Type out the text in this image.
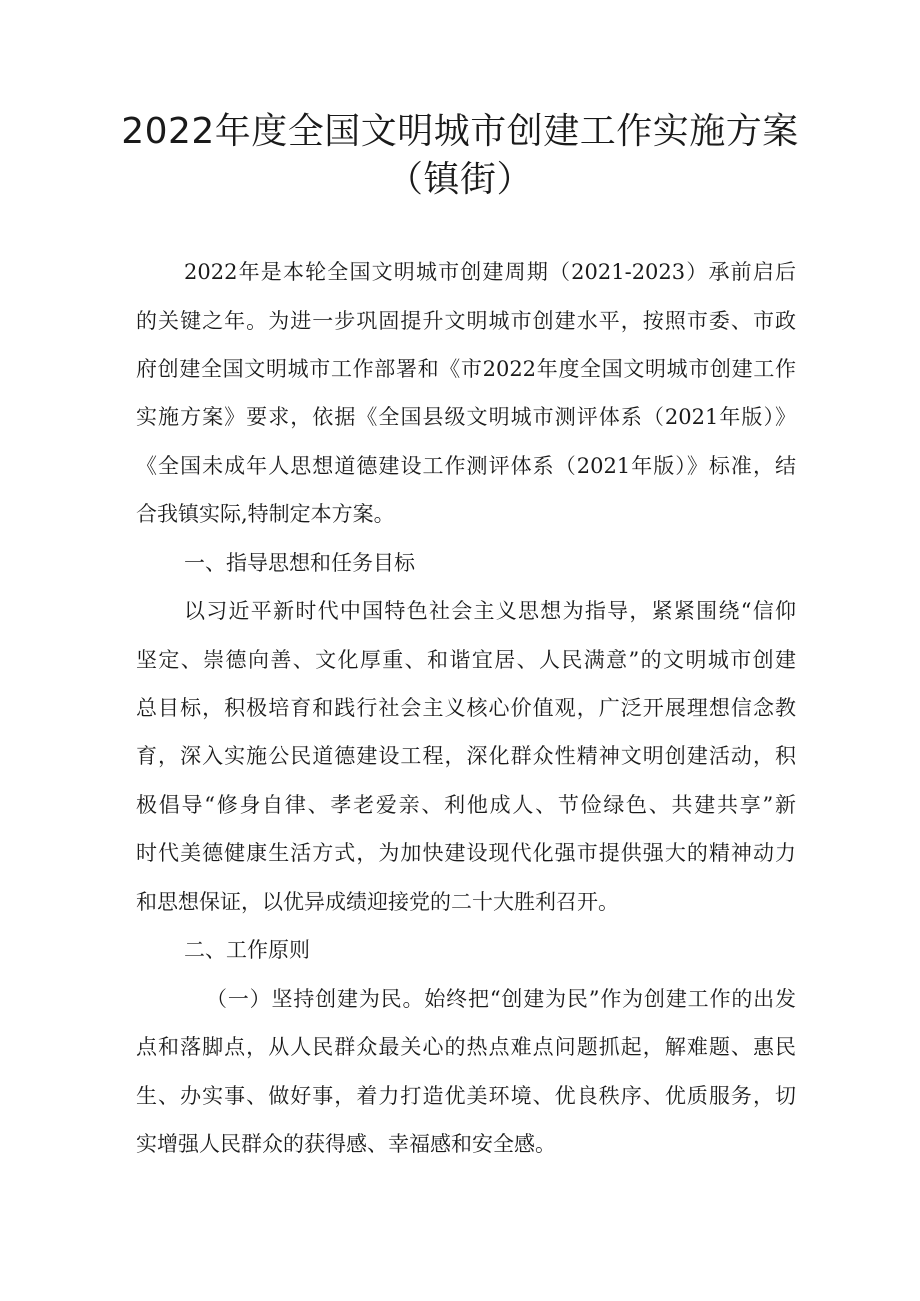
2022年度全国文明城市创建工作实施方案
（镇街）
2022年是本轮全国文明城市创建周期（2021-2023）承前启后
的关键之年。为进一步巩固提升文明城市创建水平，按照市委、市政
府创建全国文明城市工作部署和《市2022年度全国文明城市创建工作
实施方案》要求，依据《全国县级文明城市测评体系（2021年版）》
《全国未成年人思想道德建设工作测评体系（2021年版）》标准，结
合我镇实际,特制定本方案。
一、指导思想和任务目标
以习近平新时代中国特色社会主义思想为指导，紧紧围绕“信仰
坚定、崇德向善、文化厚重、和谐宜居、人民满意”的文明城市创建
总目标，积极培育和践行社会主义核心价值观，广泛开展理想信念教
育，深入实施公民道德建设工程，深化群众性精神文明创建活动，积
极倡导“修身自律、孝老爱亲、利他成人、节俭绿色、共建共享”新
时代美德健康生活方式，为加快建设现代化强市提供强大的精神动力
和思想保证，以优异成绩迎接党的二十大胜利召开。
二、工作原则
（一）坚持创建为民。始终把“创建为民”作为创建工作的出发
点和落脚点，从人民群众最关心的热点难点问题抓起，解难题、惠民
生、办实事、做好事，着力打造优美环境、优良秩序、优质服务，切
实增强人民群众的获得感、幸福感和安全感。
